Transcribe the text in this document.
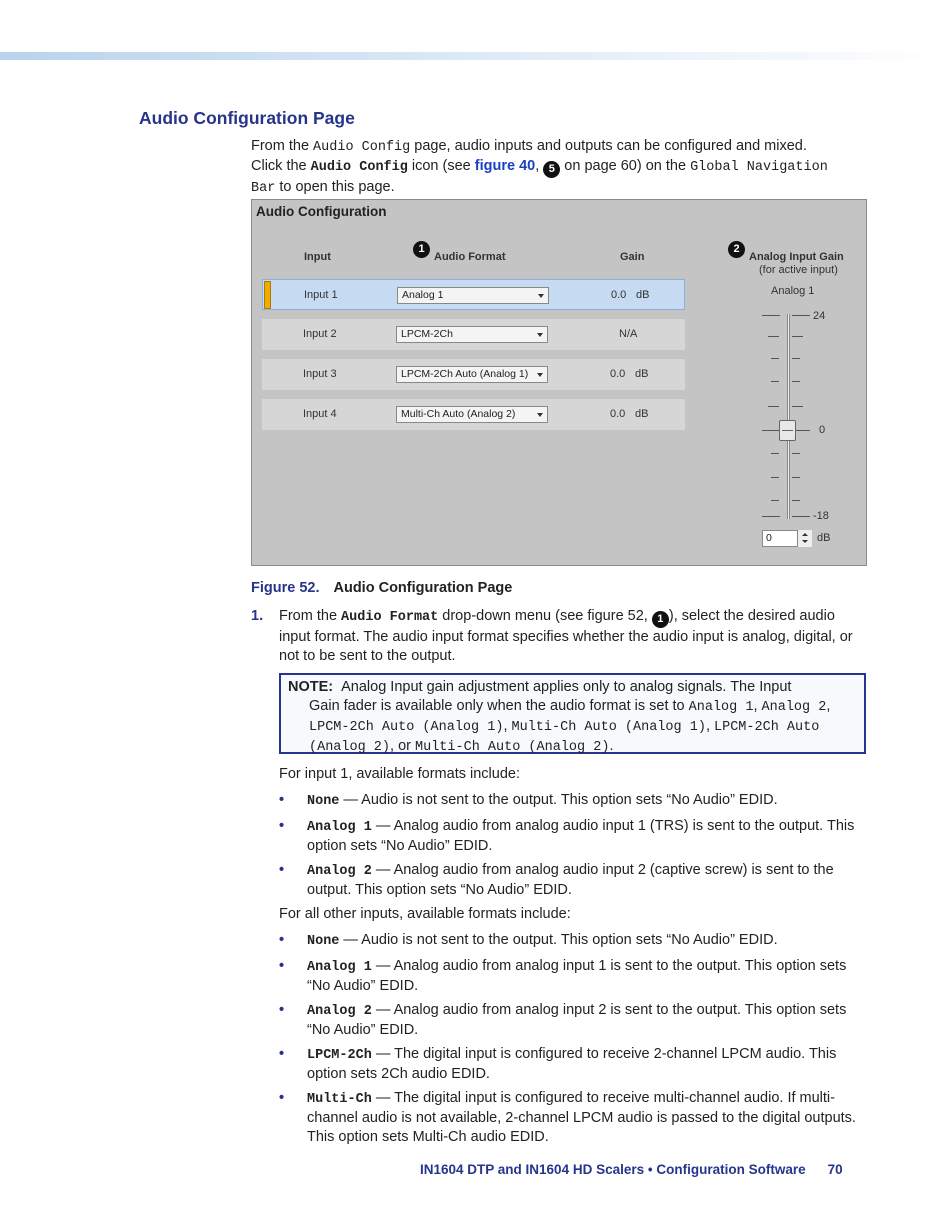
Audio Configuration Page
From the Audio Config page, audio inputs and outputs can be configured and mixed.
Click the Audio Config icon (see figure 40, 5 on page 60) on the Global Navigation
Bar to open this page.
Audio Configuration
Input
1
Audio Format	Gain
2
Analog Input Gain
(for active input)
Input 1	Analog 1	0.0 dB
Input 2	LPCM-2Ch	N/A
Input 3	LPCM-2Ch Auto (Analog 1)	0.0 dB
Input 4	Multi-Ch Auto (Analog 2)	0.0 dB
Analog 1
24
0
-18
0	dB
Figure 52. Audio Configuration Page
1. From the Audio Format drop-down menu (see figure 52, 1 ), select the desired audio input format. The audio input format specifies whether the audio input is analog, digital, or not to be sent to the output.
NOTE: Analog Input gain adjustment applies only to analog signals. The Input
Gain fader is available only when the audio format is set to Analog 1, Analog 2,
LPCM-2Ch Auto (Analog 1), Multi-Ch Auto (Analog 1), LPCM-2Ch Auto
(Analog 2), or Multi-Ch Auto (Analog 2).
For input 1, available formats include:
• None — Audio is not sent to the output. This option sets “No Audio” EDID.
• Analog 1 — Analog audio from analog audio input 1 (TRS) is sent to the output. This option sets “No Audio” EDID.
• Analog 2 — Analog audio from analog audio input 2 (captive screw) is sent to the output. This option sets “No Audio” EDID.
For all other inputs, available formats include:
• None — Audio is not sent to the output. This option sets “No Audio” EDID.
• Analog 1 — Analog audio from analog input 1 is sent to the output. This option sets “No Audio” EDID.
• Analog 2 — Analog audio from analog input 2 is sent to the output. This option sets “No Audio” EDID.
• LPCM-2Ch — The digital input is configured to receive 2-channel LPCM audio. This option sets 2Ch audio EDID.
• Multi-Ch — The digital input is configured to receive multi-channel audio. If multi-channel audio is not available, 2-channel LPCM audio is passed to the digital outputs. This option sets Multi-Ch audio EDID.
IN1604 DTP and IN1604 HD Scalers • Configuration Software 70
